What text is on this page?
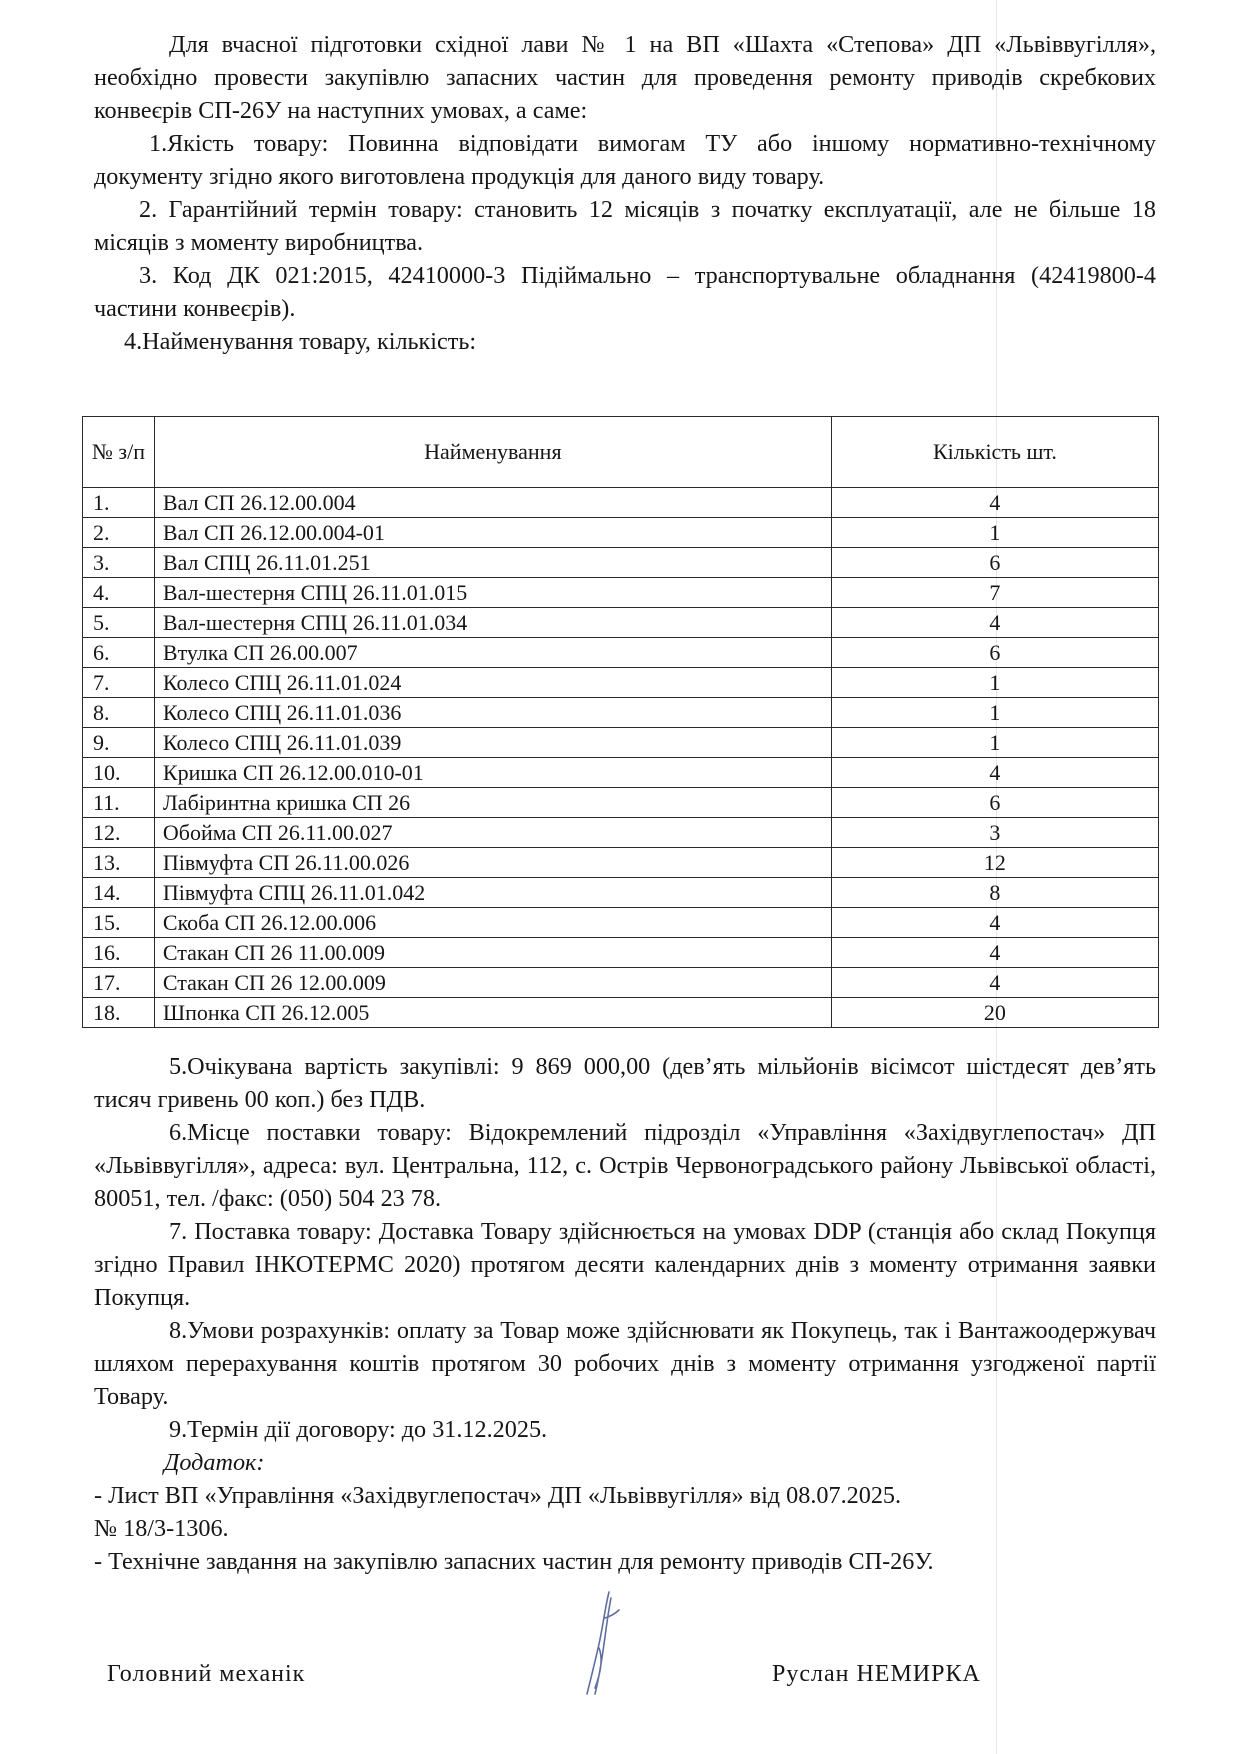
Для вчасної підготовки східної лави № 1 на ВП «Шахта «Степова» ДП «Львіввугілля», необхідно провести закупівлю запасних частин для проведення ремонту приводів скребкових конвеєрів СП-26У на наступних умовах, а саме:

1.Якість товару: Повинна відповідати вимогам ТУ або іншому нормативно-технічному документу згідно якого виготовлена продукція для даного виду товару.

2. Гарантійний термін товару: становить 12 місяців з початку експлуатації, але не більше 18 місяців з моменту виробництва.

3. Код ДК 021:2015, 42410000-3 Підіймально – транспортувальне обладнання (42419800-4 частини конвеєрів).

4.Найменування товару, кількість:

№ з/п	Найменування	Кількість шт.
1.	Вал СП 26.12.00.004	4
2.	Вал СП 26.12.00.004-01	1
3.	Вал СПЦ 26.11.01.251	6
4.	Вал-шестерня СПЦ 26.11.01.015	7
5.	Вал-шестерня СПЦ 26.11.01.034	4
6.	Втулка СП 26.00.007	6
7.	Колесо СПЦ 26.11.01.024	1
8.	Колесо СПЦ 26.11.01.036	1
9.	Колесо СПЦ 26.11.01.039	1
10.	Кришка СП 26.12.00.010-01	4
11.	Лабіринтна кришка СП 26	6
12.	Обойма СП 26.11.00.027	3
13.	Півмуфта СП 26.11.00.026	12
14.	Півмуфта СПЦ 26.11.01.042	8
15.	Скоба СП 26.12.00.006	4
16.	Стакан СП 26 11.00.009	4
17.	Стакан СП 26 12.00.009	4
18.	Шпонка СП 26.12.005	20

5.Очікувана вартість закупівлі: 9 869 000,00 (дев’ять мільйонів вісімсот шістдесят дев’ять тисяч гривень 00 коп.) без ПДВ.

6.Місце поставки товару: Відокремлений підрозділ «Управління «Західвуглепостач» ДП «Львіввугілля», адреса: вул. Центральна, 112, с. Острів Червоноградського району Львівської області, 80051, тел. /факс: (050) 504 23 78.

7. Поставка товару: Доставка Товару здійснюється на умовах DDP (станція або склад Покупця згідно Правил ІНКОТЕРМС 2020) протягом десяти календарних днів з моменту отримання заявки Покупця.

8.Умови розрахунків: оплату за Товар може здійснювати як Покупець, так і Вантажоодержувач шляхом перерахування коштів протягом 30 робочих днів з моменту отримання узгодженої партії Товару.

9.Термін дії договору: до 31.12.2025.

Додаток:

- Лист ВП «Управління «Західвуглепостач» ДП «Львіввугілля» від 08.07.2025.

№ 18/3-1306.

- Технічне завдання на закупівлю запасних частин для ремонту приводів СП-26У.

Головний механік	Руслан НЕМИРКА
